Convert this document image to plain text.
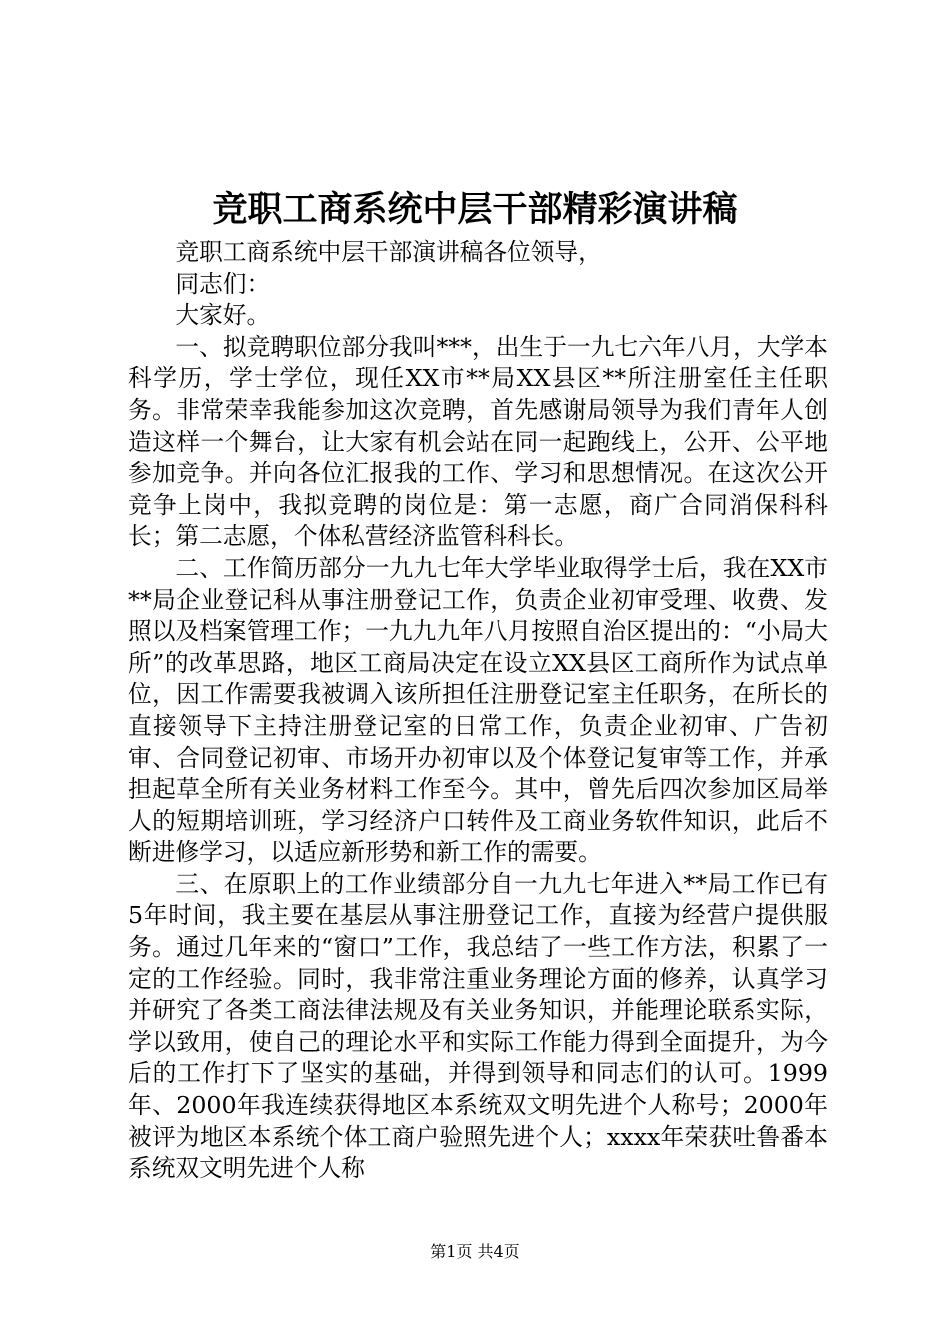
竞职工商系统中层干部精彩演讲稿

竞职工商系统中层干部演讲稿各位领导，

同志们：

大家好。

一、拟竞聘职位部分我叫***，出生于一九七六年八月，大学本科学历，学士学位，现任XX市**局XX县区**所注册室任主任职务。非常荣幸我能参加这次竞聘，首先感谢局领导为我们青年人创造这样一个舞台，让大家有机会站在同一起跑线上，公开、公平地参加竞争。并向各位汇报我的工作、学习和思想情况。在这次公开竞争上岗中，我拟竞聘的岗位是：第一志愿，商广合同消保科科长；第二志愿，个体私营经济监管科科长。

二、工作简历部分一九九七年大学毕业取得学士后，我在XX市**局企业登记科从事注册登记工作，负责企业初审受理、收费、发照以及档案管理工作；一九九九年八月按照自治区提出的：“小局大所”的改革思路，地区工商局决定在设立XX县区工商所作为试点单位，因工作需要我被调入该所担任注册登记室主任职务，在所长的直接领导下主持注册登记室的日常工作，负责企业初审、广告初审、合同登记初审、市场开办初审以及个体登记复审等工作，并承担起草全所有关业务材料工作至今。其中，曾先后四次参加区局举人的短期培训班，学习经济户口转件及工商业务软件知识，此后不断进修学习，以适应新形势和新工作的需要。

三、在原职上的工作业绩部分自一九九七年进入**局工作已有5年时间，我主要在基层从事注册登记工作，直接为经营户提供服务。通过几年来的“窗口”工作，我总结了一些工作方法，积累了一定的工作经验。同时，我非常注重业务理论方面的修养，认真学习并研究了各类工商法律法规及有关业务知识，并能理论联系实际，学以致用，使自己的理论水平和实际工作能力得到全面提升，为今后的工作打下了坚实的基础，并得到领导和同志们的认可。1999年、2000年我连续获得地区本系统双文明先进个人称号；2000年被评为地区本系统个体工商户验照先进个人；xxxx年荣获吐鲁番本系统双文明先进个人称

第1页 共4页
